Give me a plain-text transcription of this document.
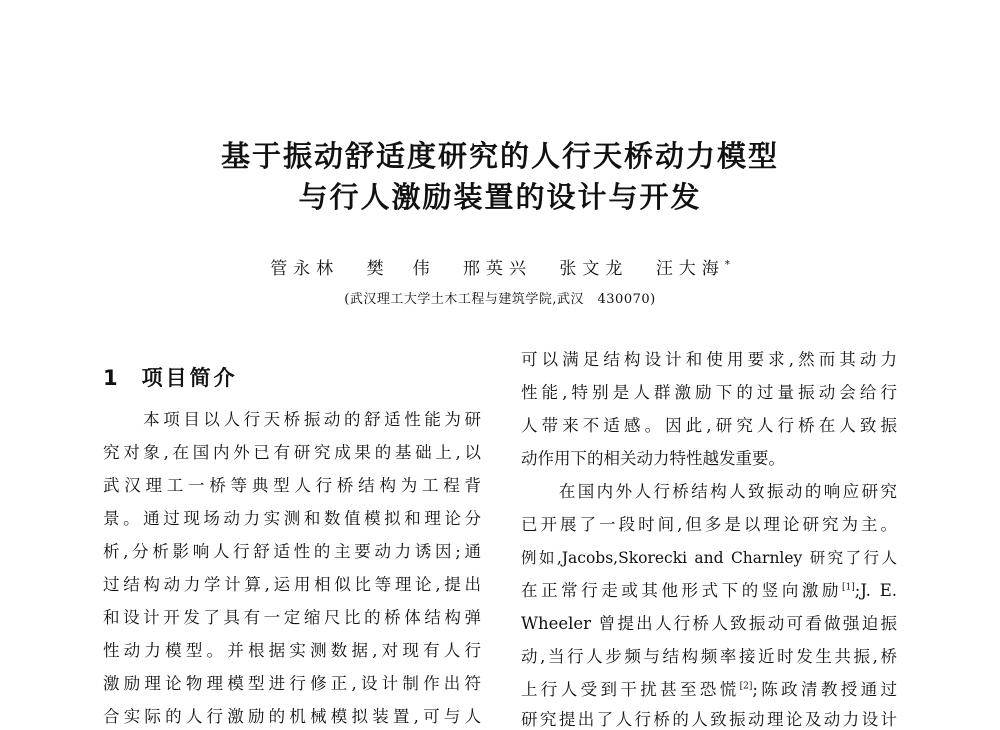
基于振动舒适度研究的人行天桥动力模型
与行人激励装置的设计与开发
管永林 樊　伟 邢英兴 张文龙 汪大海*
(武汉理工大学土木工程与建筑学院,武汉　430070)
1 项目简介
　　本项目以人行天桥振动的舒适性能为研
究对象,在国内外已有研究成果的基础上,以
武汉理工一桥等典型人行桥结构为工程背
景。通过现场动力实测和数值模拟和理论分
析,分析影响人行舒适性的主要动力诱因;通
过结构动力学计算,运用相似比等理论,提出
和设计开发了具有一定缩尺比的桥体结构弹
性动力模型。并根据实测数据,对现有人行
激励理论物理模型进行修正,设计制作出符
合实际的人行激励的机械模拟装置,可与人
可以满足结构设计和使用要求,然而其动力
性能,特别是人群激励下的过量振动会给行
人带来不适感。因此,研究人行桥在人致振
动作用下的相关动力特性越发重要。
　　在国内外人行桥结构人致振动的响应研究
已开展了一段时间,但多是以理论研究为主。
例如,Jacobs,Skorecki and Charnley 研究了行人
在正常行走或其他形式下的竖向激励[1];J. E.
Wheeler 曾提出人行桥人致振动可看做强迫振
动,当行人步频与结构频率接近时发生共振,桥
上行人受到干扰甚至恐慌[2];陈政清教授通过
研究提出了人行桥的人致振动理论及动力设计
